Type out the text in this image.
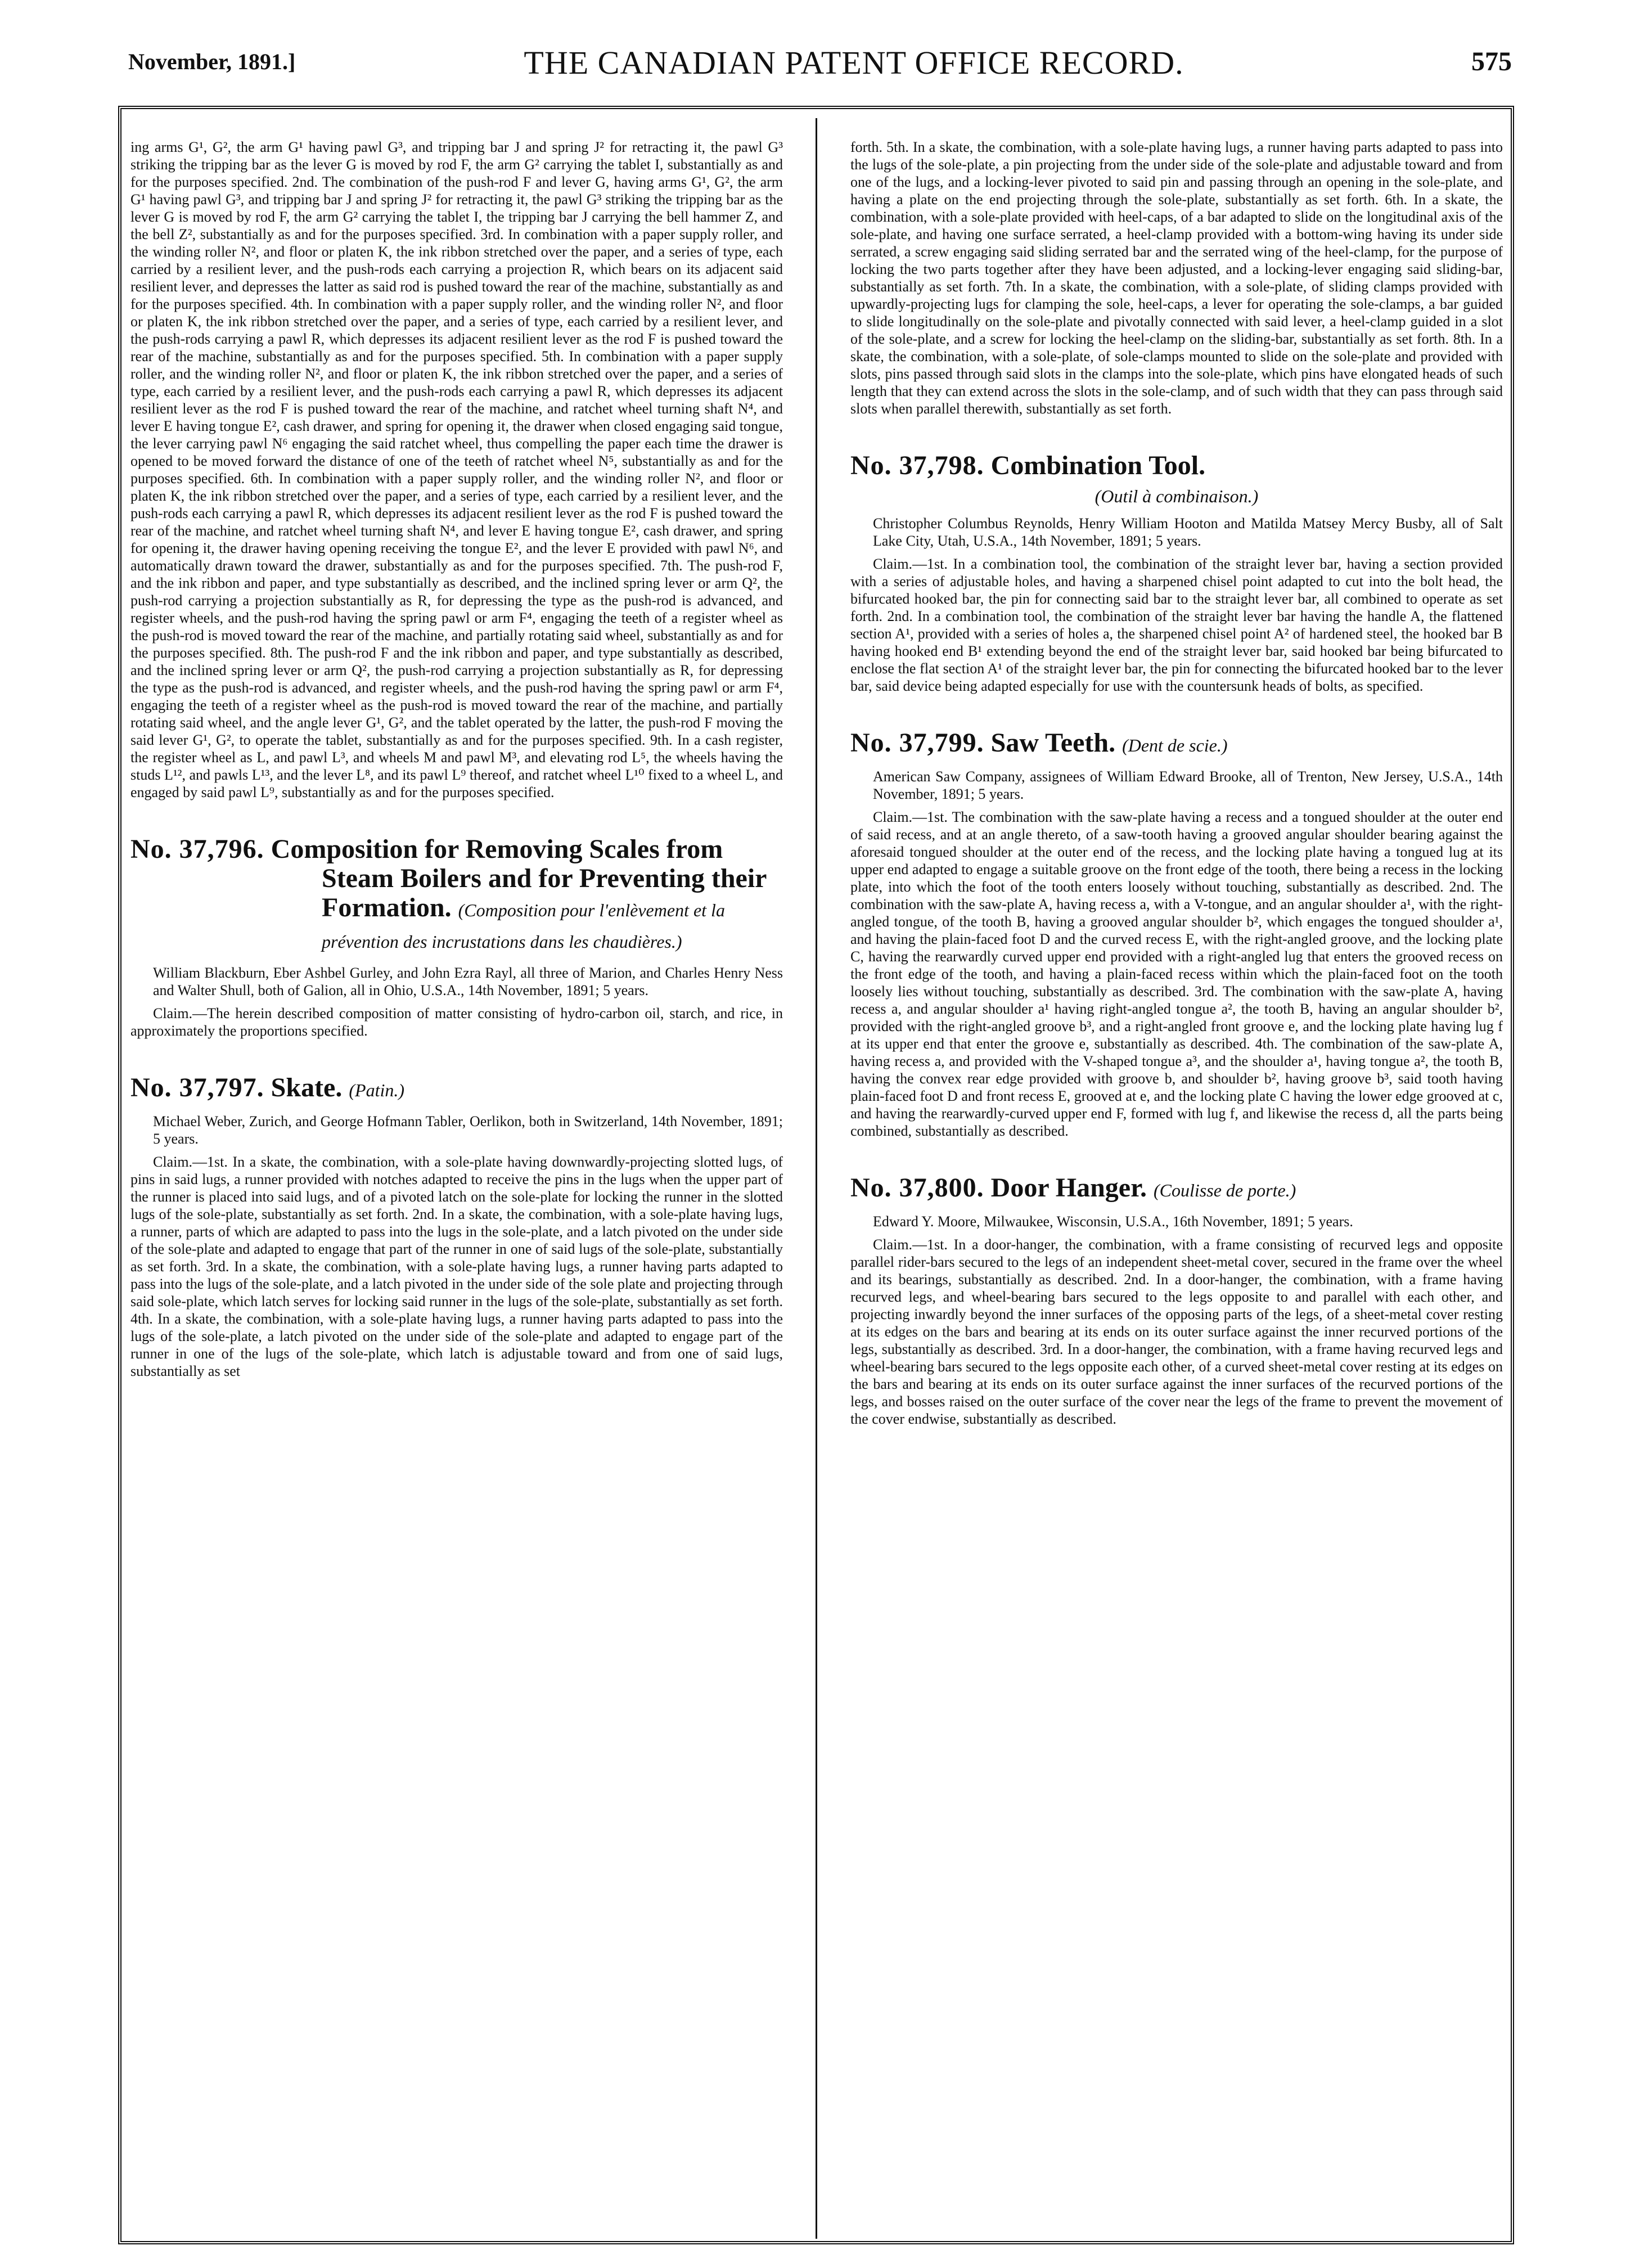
November, 1891.]	THE CANADIAN PATENT OFFICE RECORD.	575

ing arms G¹, G², the arm G¹ having pawl G³, and tripping bar J and spring J² for retracting it, the pawl G³ striking the tripping bar as the lever G is moved by rod F, the arm G² carrying the tablet I, substantially as and for the purposes specified. 2nd. The combination of the push-rod F and lever G, having arms G¹, G², the arm G¹ having pawl G³, and tripping bar J and spring J² for retracting it, the pawl G³ striking the tripping bar as the lever G is moved by rod F, the arm G² carrying the tablet I, the tripping bar J carrying the bell hammer Z, and the bell Z², substantially as and for the purposes specified. 3rd. In combination with a paper supply roller, and the winding roller N², and floor or platen K, the ink ribbon stretched over the paper, and a series of type, each carried by a resilient lever, and the push-rods each carrying a projection R, which bears on its adjacent said resilient lever, and depresses the latter as said rod is pushed toward the rear of the machine, substantially as and for the purposes specified. 4th. In combination with a paper supply roller, and the winding roller N², and floor or platen K, the ink ribbon stretched over the paper, and a series of type, each carried by a resilient lever, and the push-rods carrying a pawl R, which depresses its adjacent resilient lever as the rod F is pushed toward the rear of the machine, substantially as and for the purposes specified. 5th. In combination with a paper supply roller, and the winding roller N², and floor or platen K, the ink ribbon stretched over the paper, and a series of type, each carried by a resilient lever, and the push-rods each carrying a pawl R, which depresses its adjacent resilient lever as the rod F is pushed toward the rear of the machine, and ratchet wheel turning shaft N⁴, and lever E having tongue E², cash drawer, and spring for opening it, the drawer when closed engaging said tongue, the lever carrying pawl N⁶ engaging the said ratchet wheel, thus compelling the paper each time the drawer is opened to be moved forward the distance of one of the teeth of ratchet wheel N⁵, substantially as and for the purposes specified. 6th. In combination with a paper supply roller, and the winding roller N², and floor or platen K, the ink ribbon stretched over the paper, and a series of type, each carried by a resilient lever, and the push-rods each carrying a pawl R, which depresses its adjacent resilient lever as the rod F is pushed toward the rear of the machine, and ratchet wheel turning shaft N⁴, and lever E having tongue E², cash drawer, and spring for opening it, the drawer having opening receiving the tongue E², and the lever E provided with pawl N⁶, and automatically drawn toward the drawer, substantially as and for the purposes specified. 7th. The push-rod F, and the ink ribbon and paper, and type substantially as described, and the inclined spring lever or arm Q², the push-rod carrying a projection substantially as R, for depressing the type as the push-rod is advanced, and register wheels, and the push-rod having the spring pawl or arm F⁴, engaging the teeth of a register wheel as the push-rod is moved toward the rear of the machine, and partially rotating said wheel, substantially as and for the purposes specified. 8th. The push-rod F and the ink ribbon and paper, and type substantially as described, and the inclined spring lever or arm Q², the push-rod carrying a projection substantially as R, for depressing the type as the push-rod is advanced, and register wheels, and the push-rod having the spring pawl or arm F⁴, engaging the teeth of a register wheel as the push-rod is moved toward the rear of the machine, and partially rotating said wheel, and the angle lever G¹, G², and the tablet operated by the latter, the push-rod F moving the said lever G¹, G², to operate the tablet, substantially as and for the purposes specified. 9th. In a cash register, the register wheel as L, and pawl L³, and wheels M and pawl M³, and elevating rod L⁵, the wheels having the studs L¹², and pawls L¹³, and the lever L⁸, and its pawl L⁹ thereof, and ratchet wheel L¹⁰ fixed to a wheel L, and engaged by said pawl L⁹, substantially as and for the purposes specified.

No. 37,796. Composition for Removing Scales from Steam Boilers and for Preventing their Formation. (Composition pour l'enlèvement et la prévention des incrustations dans les chaudières.)

William Blackburn, Eber Ashbel Gurley, and John Ezra Rayl, all three of Marion, and Charles Henry Ness and Walter Shull, both of Galion, all in Ohio, U.S.A., 14th November, 1891; 5 years.

Claim.—The herein described composition of matter consisting of hydro-carbon oil, starch, and rice, in approximately the proportions specified.

No. 37,797. Skate. (Patin.)

Michael Weber, Zurich, and George Hofmann Tabler, Oerlikon, both in Switzerland, 14th November, 1891; 5 years.

Claim.—1st. In a skate, the combination, with a sole-plate having downwardly-projecting slotted lugs, of pins in said lugs, a runner provided with notches adapted to receive the pins in the lugs when the upper part of the runner is placed into said lugs, and of a pivoted latch on the sole-plate for locking the runner in the slotted lugs of the sole-plate, substantially as set forth. 2nd. In a skate, the combination, with a sole-plate having lugs, a runner, parts of which are adapted to pass into the lugs in the sole-plate, and a latch pivoted on the under side of the sole-plate and adapted to engage that part of the runner in one of said lugs of the sole-plate, substantially as set forth. 3rd. In a skate, the combination, with a sole-plate having lugs, a runner having parts adapted to pass into the lugs of the sole-plate, and a latch pivoted in the under side of the sole plate and projecting through said sole-plate, which latch serves for locking said runner in the lugs of the sole-plate, substantially as set forth. 4th. In a skate, the combination, with a sole-plate having lugs, a runner having parts adapted to pass into the lugs of the sole-plate, a latch pivoted on the under side of the sole-plate and adapted to engage part of the runner in one of the lugs of the sole-plate, which latch is adjustable toward and from one of said lugs, substantially as set

forth. 5th. In a skate, the combination, with a sole-plate having lugs, a runner having parts adapted to pass into the lugs of the sole-plate, a pin projecting from the under side of the sole-plate and adjustable toward and from one of the lugs, and a locking-lever pivoted to said pin and passing through an opening in the sole-plate, and having a plate on the end projecting through the sole-plate, substantially as set forth. 6th. In a skate, the combination, with a sole-plate provided with heel-caps, of a bar adapted to slide on the longitudinal axis of the sole-plate, and having one surface serrated, a heel-clamp provided with a bottom-wing having its under side serrated, a screw engaging said sliding serrated bar and the serrated wing of the heel-clamp, for the purpose of locking the two parts together after they have been adjusted, and a locking-lever engaging said sliding-bar, substantially as set forth. 7th. In a skate, the combination, with a sole-plate, of sliding clamps provided with upwardly-projecting lugs for clamping the sole, heel-caps, a lever for operating the sole-clamps, a bar guided to slide longitudinally on the sole-plate and pivotally connected with said lever, a heel-clamp guided in a slot of the sole-plate, and a screw for locking the heel-clamp on the sliding-bar, substantially as set forth. 8th. In a skate, the combination, with a sole-plate, of sole-clamps mounted to slide on the sole-plate and provided with slots, pins passed through said slots in the clamps into the sole-plate, which pins have elongated heads of such length that they can extend across the slots in the sole-clamp, and of such width that they can pass through said slots when parallel therewith, substantially as set forth.

No. 37,798. Combination Tool.
(Outil à combinaison.)

Christopher Columbus Reynolds, Henry William Hooton and Matilda Matsey Mercy Busby, all of Salt Lake City, Utah, U.S.A., 14th November, 1891; 5 years.

Claim.—1st. In a combination tool, the combination of the straight lever bar, having a section provided with a series of adjustable holes, and having a sharpened chisel point adapted to cut into the bolt head, the bifurcated hooked bar, the pin for connecting said bar to the straight lever bar, all combined to operate as set forth. 2nd. In a combination tool, the combination of the straight lever bar having the handle A, the flattened section A¹, provided with a series of holes a, the sharpened chisel point A² of hardened steel, the hooked bar B having hooked end B¹ extending beyond the end of the straight lever bar, said hooked bar being bifurcated to enclose the flat section A¹ of the straight lever bar, the pin for connecting the bifurcated hooked bar to the lever bar, said device being adapted especially for use with the countersunk heads of bolts, as specified.

No. 37,799. Saw Teeth. (Dent de scie.)

American Saw Company, assignees of William Edward Brooke, all of Trenton, New Jersey, U.S.A., 14th November, 1891; 5 years.

Claim.—1st. The combination with the saw-plate having a recess and a tongued shoulder at the outer end of said recess, and at an angle thereto, of a saw-tooth having a grooved angular shoulder bearing against the aforesaid tongued shoulder at the outer end of the recess, and the locking plate having a tongued lug at its upper end adapted to engage a suitable groove on the front edge of the tooth, there being a recess in the locking plate, into which the foot of the tooth enters loosely without touching, substantially as described. 2nd. The combination with the saw-plate A, having recess a, with a V-tongue, and an angular shoulder a¹, with the right-angled tongue, of the tooth B, having a grooved angular shoulder b², which engages the tongued shoulder a¹, and having the plain-faced foot D and the curved recess E, with the right-angled groove, and the locking plate C, having the rearwardly curved upper end provided with a right-angled lug that enters the grooved recess on the front edge of the tooth, and having a plain-faced recess within which the plain-faced foot on the tooth loosely lies without touching, substantially as described. 3rd. The combination with the saw-plate A, having recess a, and angular shoulder a¹ having right-angled tongue a², the tooth B, having an angular shoulder b², provided with the right-angled groove b³, and a right-angled front groove e, and the locking plate having lug f at its upper end that enter the groove e, substantially as described. 4th. The combination of the saw-plate A, having recess a, and provided with the V-shaped tongue a³, and the shoulder a¹, having tongue a², the tooth B, having the convex rear edge provided with groove b, and shoulder b², having groove b³, said tooth having plain-faced foot D and front recess E, grooved at e, and the locking plate C having the lower edge grooved at c, and having the rearwardly-curved upper end F, formed with lug f, and likewise the recess d, all the parts being combined, substantially as described.

No. 37,800. Door Hanger. (Coulisse de porte.)

Edward Y. Moore, Milwaukee, Wisconsin, U.S.A., 16th November, 1891; 5 years.

Claim.—1st. In a door-hanger, the combination, with a frame consisting of recurved legs and opposite parallel rider-bars secured to the legs of an independent sheet-metal cover, secured in the frame over the wheel and its bearings, substantially as described. 2nd. In a door-hanger, the combination, with a frame having recurved legs, and wheel-bearing bars secured to the legs opposite to and parallel with each other, and projecting inwardly beyond the inner surfaces of the opposing parts of the legs, of a sheet-metal cover resting at its edges on the bars and bearing at its ends on its outer surface against the inner recurved portions of the legs, substantially as described. 3rd. In a door-hanger, the combination, with a frame having recurved legs and wheel-bearing bars secured to the legs opposite each other, of a curved sheet-metal cover resting at its edges on the bars and bearing at its ends on its outer surface against the inner surfaces of the recurved portions of the legs, and bosses raised on the outer surface of the cover near the legs of the frame to prevent the movement of the cover endwise, substantially as described.
